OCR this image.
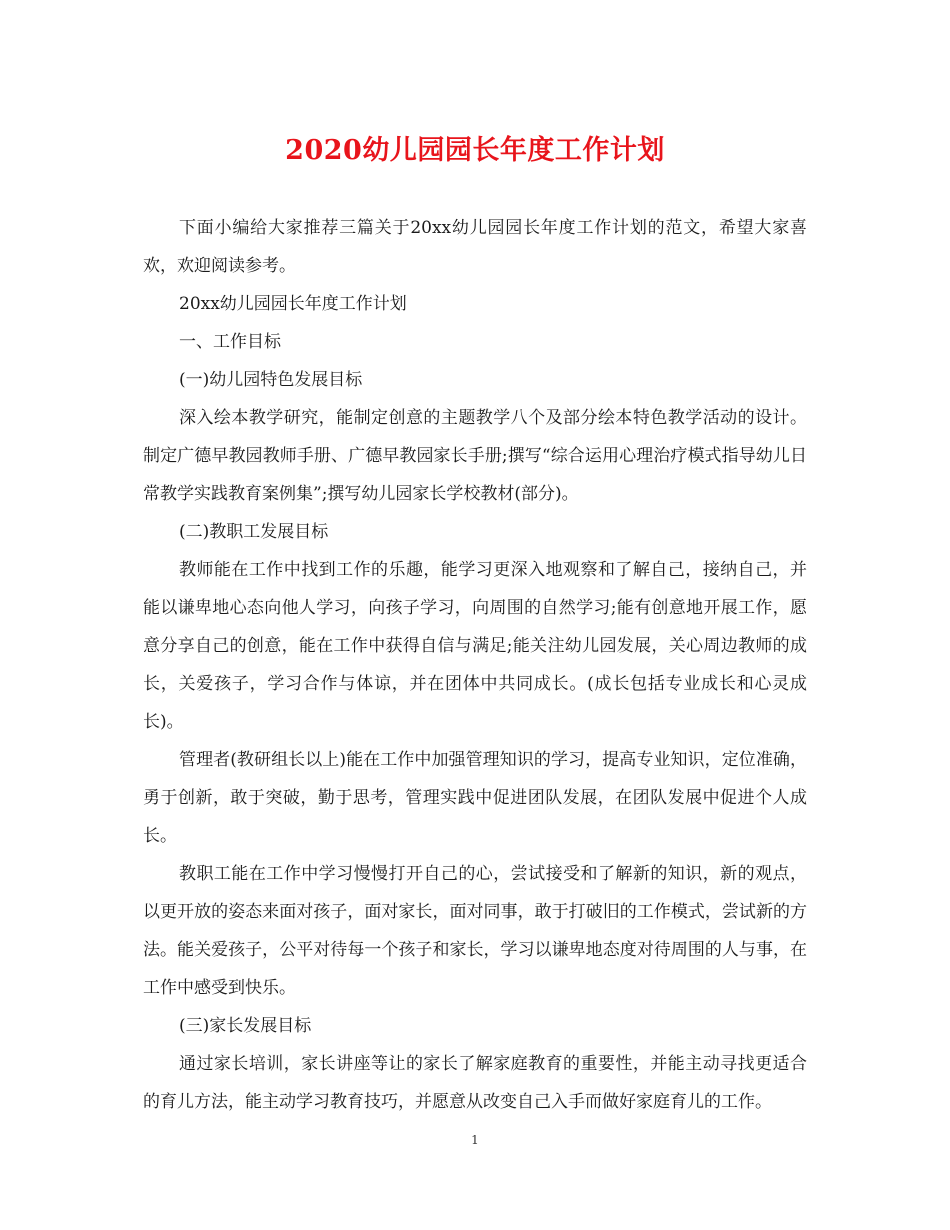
2020幼儿园园长年度工作计划

下面小编给大家推荐三篇关于20xx幼儿园园长年度工作计划的范文，希望大家喜欢，欢迎阅读参考。

20xx幼儿园园长年度工作计划

一、工作目标

(一)幼儿园特色发展目标

深入绘本教学研究，能制定创意的主题教学八个及部分绘本特色教学活动的设计。制定广德早教园教师手册、广德早教园家长手册;撰写“综合运用心理治疗模式指导幼儿日常教学实践教育案例集”;撰写幼儿园家长学校教材(部分)。

(二)教职工发展目标

教师能在工作中找到工作的乐趣，能学习更深入地观察和了解自己，接纳自己，并能以谦卑地心态向他人学习，向孩子学习，向周围的自然学习;能有创意地开展工作，愿意分享自己的创意，能在工作中获得自信与满足;能关注幼儿园发展，关心周边教师的成长，关爱孩子，学习合作与体谅，并在团体中共同成长。(成长包括专业成长和心灵成长)。

管理者(教研组长以上)能在工作中加强管理知识的学习，提高专业知识，定位准确，勇于创新，敢于突破，勤于思考，管理实践中促进团队发展，在团队发展中促进个人成长。

教职工能在工作中学习慢慢打开自己的心，尝试接受和了解新的知识，新的观点，以更开放的姿态来面对孩子，面对家长，面对同事，敢于打破旧的工作模式，尝试新的方法。能关爱孩子，公平对待每一个孩子和家长，学习以谦卑地态度对待周围的人与事，在工作中感受到快乐。

(三)家长发展目标

通过家长培训，家长讲座等让的家长了解家庭教育的重要性，并能主动寻找更适合的育儿方法，能主动学习教育技巧，并愿意从改变自己入手而做好家庭育儿的工作。

1
